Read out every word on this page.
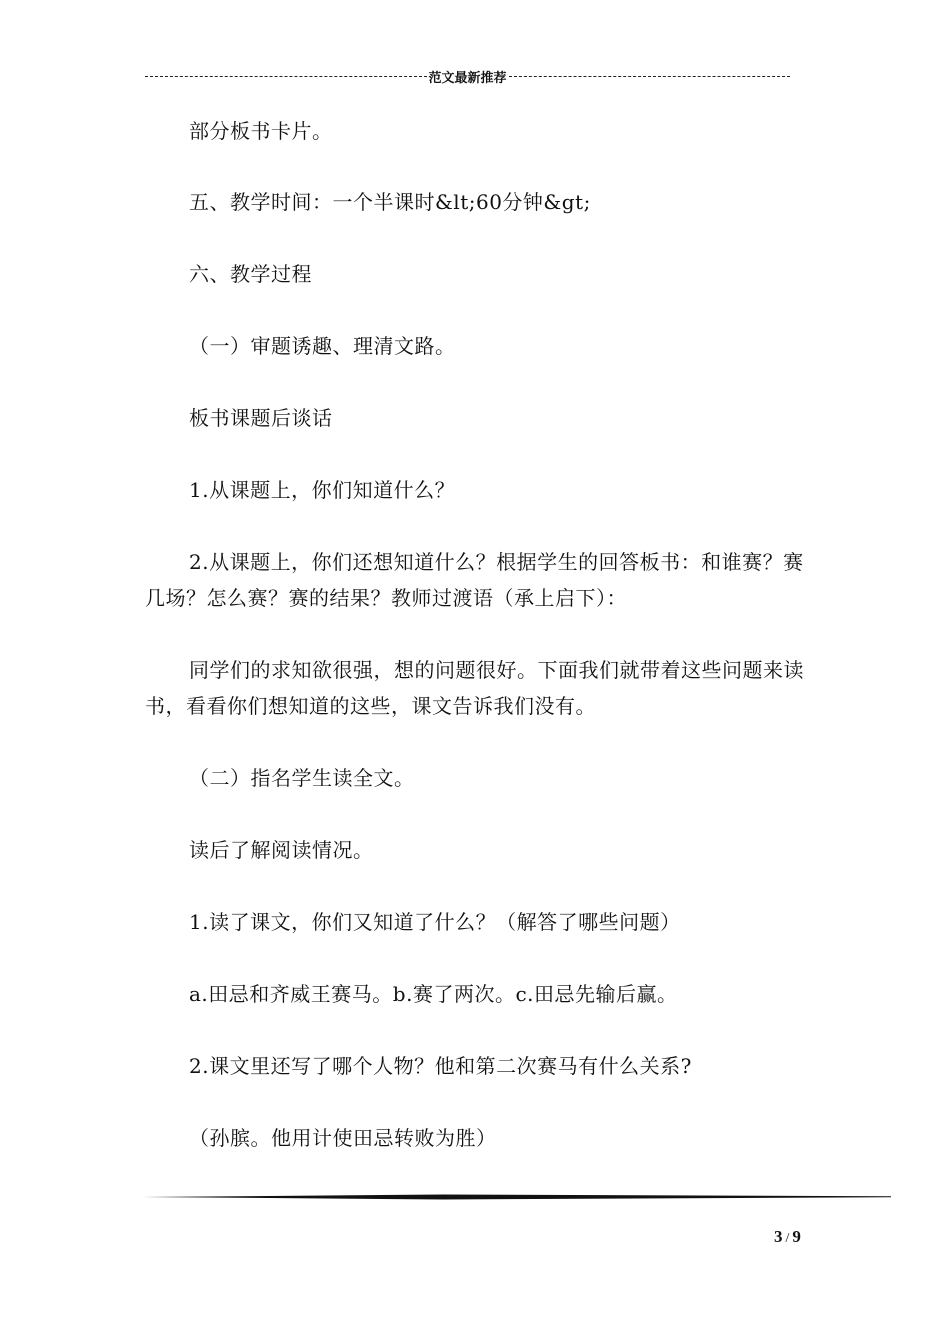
范文最新推荐

部分板书卡片。

五、教学时间：一个半课时&lt;60分钟&gt;

六、教学过程

（一）审题诱趣、理清文路。

板书课题后谈话

1.从课题上，你们知道什么？

2.从课题上，你们还想知道什么？根据学生的回答板书：和谁赛？赛几场？怎么赛？赛的结果？教师过渡语（承上启下）：

同学们的求知欲很强，想的问题很好。下面我们就带着这些问题来读书，看看你们想知道的这些，课文告诉我们没有。

（二）指名学生读全文。

读后了解阅读情况。

1.读了课文，你们又知道了什么？（解答了哪些问题）

a.田忌和齐威王赛马。b.赛了两次。c.田忌先输后赢。

2.课文里还写了哪个人物？他和第二次赛马有什么关系?

（孙膑。他用计使田忌转败为胜）

3 / 9
